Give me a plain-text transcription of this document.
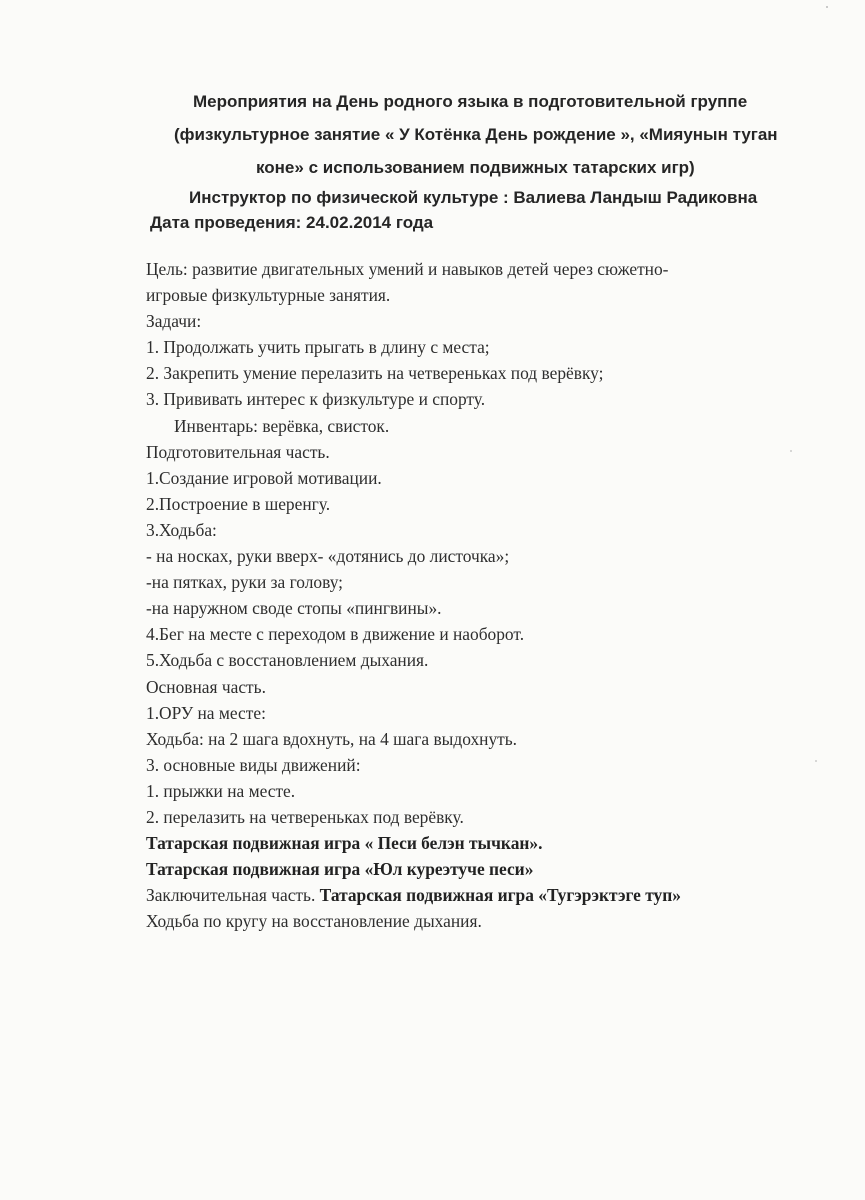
Мероприятия на День родного языка в подготовительной группе
(физкультурное занятие « У Котёнка День рождение », «Мияунын туган
коне» с использованием подвижных татарских игр)
Инструктор по физической культуре : Валиева Ландыш Радиковна
Дата проведения: 24.02.2014 года

Цель: развитие двигательных умений и навыков детей через сюжетно-

игровые физкультурные занятия.

Задачи:

1. Продолжать учить прыгать в длину с места;

2. Закрепить умение перелазить на четвереньках под верёвку;

3. Прививать интерес к физкультуре и спорту.

Инвентарь: верёвка, свисток.

Подготовительная часть.

1.Создание игровой мотивации.

2.Построение в шеренгу.

3.Ходьба:

- на носках, руки вверх- «дотянись до листочка»;

-на пятках, руки за голову;

-на наружном своде стопы «пингвины».

4.Бег на месте с переходом в движение и наоборот.

5.Ходьба с восстановлением дыхания.

Основная часть.

1.ОРУ на месте:

Ходьба: на 2 шага вдохнуть, на 4 шага выдохнуть.

3. основные виды движений:

1. прыжки на месте.

2. перелазить на четвереньках под верёвку.

Татарская подвижная игра « Песи белэн тычкан».

Татарская подвижная игра «Юл куреэтуче песи»

Заключительная часть. Татарская подвижная игра «Тугэрэктэге туп»

Ходьба по кругу на восстановление дыхания.
